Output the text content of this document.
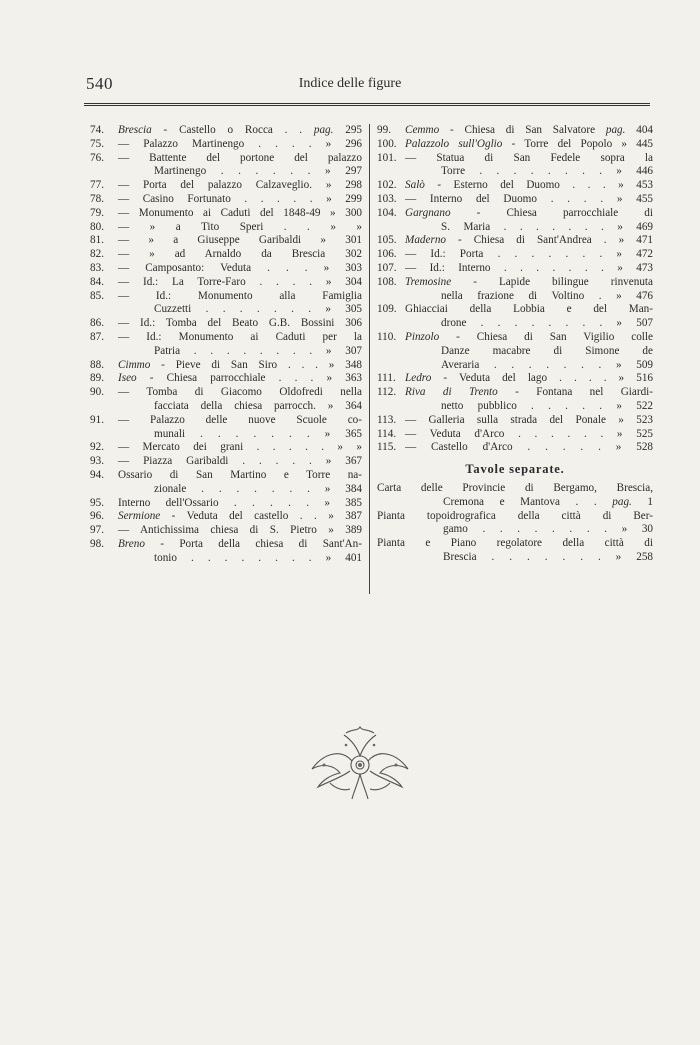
540	Indice delle figure
74. Brescia - Castello o Rocca . . pag. 295
75. — Palazzo Martinengo . . . . » 296
76. — Battente del portone del palazzo
Martinengo . . . . . . » 297
77. — Porta del palazzo Calzaveglio. » 298
78. — Casino Fortunato . . . . . » 299
79. — Monumento ai Caduti del 1848-49 » 300
80. — » a Tito Speri . . » »
81. — » a Giuseppe Garibaldi » 301
82. — » ad Arnaldo da Brescia 302
83. — Camposanto: Veduta . . . » 303
84. — Id.: La Torre-Faro . . . . » 304
85. — Id.: Monumento alla Famiglia
Cuzzetti . . . . . . . » 305
86. — Id.: Tomba del Beato G.B. Bossini 306
87. — Id.: Monumento ai Caduti per la
Patria . . . . . . . . » 307
88. Cimmo - Pieve di San Siro . . . » 348
89. Iseo - Chiesa parrocchiale . . . » 363
90. — Tomba di Giacomo Oldofredi nella
facciata della chiesa parrocch. » 364
91. — Palazzo delle nuove Scuole co-
munali . . . . . . . » 365
92. — Mercato dei grani . . . . . » »
93. — Piazza Garibaldi . . . . . » 367
94. Ossario di San Martino e Torre na-
zionale . . . . . . . » 384
95. Interno dell'Ossario . . . . . » 385
96. Sermione - Veduta del castello . . » 387
97. — Antichissima chiesa di S. Pietro » 389
98. Breno - Porta della chiesa di Sant'An-
tonio . . . . . . . . » 401
99. Cemmo - Chiesa di San Salvatore pag. 404
100. Palazzolo sull'Oglio - Torre del Popolo » 445
101. — Statua di San Fedele sopra la
Torre . . . . . . . . » 446
102. Salò - Esterno del Duomo . . . » 453
103. — Interno del Duomo . . . . » 455
104. Gargnano - Chiesa parrocchiale di
S. Maria . . . . . . . » 469
105. Maderno - Chiesa di Sant'Andrea . » 471
106. — Id.: Porta . . . . . . . » 472
107. — Id.: Interno . . . . . . . » 473
108. Tremosine - Lapide bilingue rinvenuta
nella frazione di Voltino . » 476
109. Ghiacciai della Lobbia e del Man-
drone . . . . . . . . » 507
110. Pinzolo - Chiesa di San Vigilio colle
Danze macabre di Simone de
Averaria . . . . . . . » 509
111. Ledro - Veduta del lago . . . . » 516
112. Riva di Trento - Fontana nel Giardi-
netto pubblico . . . . . » 522
113. — Galleria sulla strada del Ponale » 523
114. — Veduta d'Arco . . . . . . » 525
115. — Castello d'Arco . . . . . » 528
Tavole separate.
Carta delle Provincie di Bergamo, Brescia,
Cremona e Mantova . . pag. 1
Pianta topoidrografica della città di Ber-
gamo . . . . . . . . » 30
Pianta e Piano regolatore della città di
Brescia . . . . . . . » 258
